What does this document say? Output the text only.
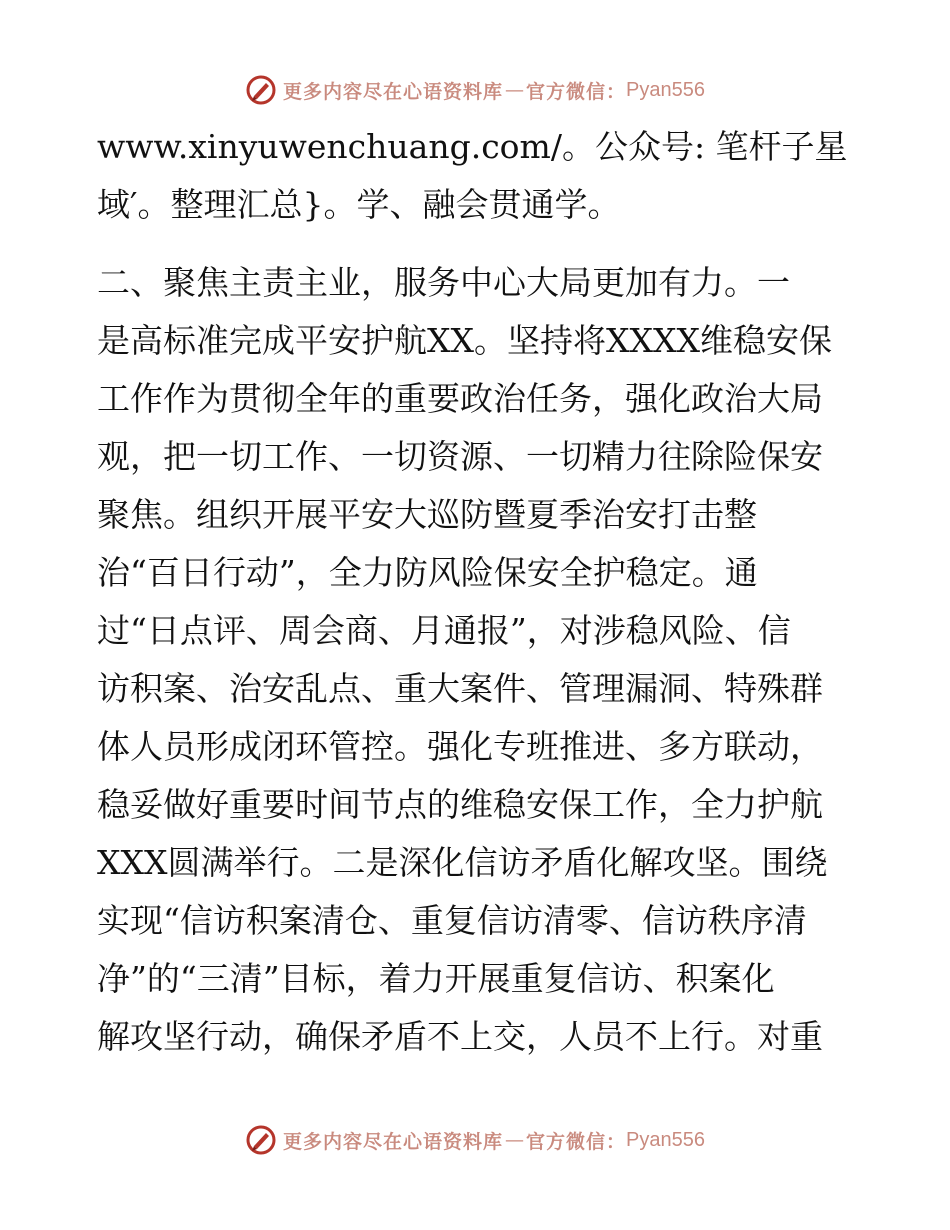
更多内容尽在心语资料库 — 官方微信： Pyan556
www.xinyuwenchuang.com/。公众号: 笔杆子星
域′。整理汇总}。学、融会贯通学。
二、聚焦主责主业，服务中心大局更加有力。一
是高标准完成平安护航XX。坚持将XXXX维稳安保
工作作为贯彻全年的重要政治任务，强化政治大局
观，把一切工作、一切资源、一切精力往除险保安
聚焦。组织开展平安大巡防暨夏季治安打击整
治“百日行动”，全力防风险保安全护稳定。通
过“日点评、周会商、月通报”，对涉稳风险、信
访积案、治安乱点、重大案件、管理漏洞、特殊群
体人员形成闭环管控。强化专班推进、多方联动，
稳妥做好重要时间节点的维稳安保工作，全力护航
XXX圆满举行。二是深化信访矛盾化解攻坚。围绕
实现“信访积案清仓、重复信访清零、信访秩序清
净”的“三清”目标，着力开展重复信访、积案化
解攻坚行动，确保矛盾不上交，人员不上行。对重
更多内容尽在心语资料库 — 官方微信： Pyan556
